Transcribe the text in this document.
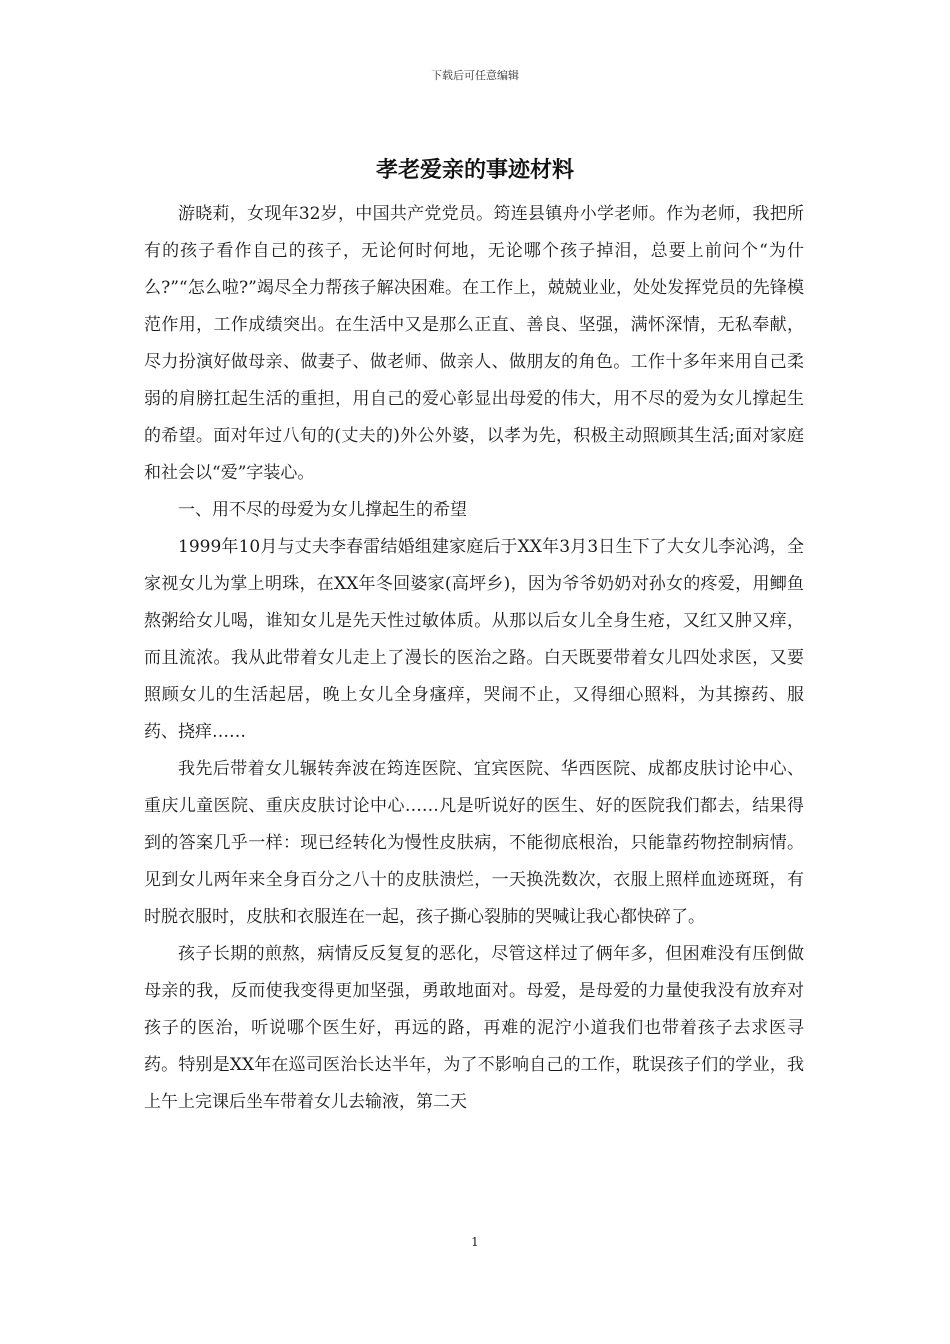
下载后可任意编辑
孝老爱亲的事迹材料

游晓莉，女现年32岁，中国共产党党员。筠连县镇舟小学老师。作为老师，我把所有的孩子看作自己的孩子，无论何时何地，无论哪个孩子掉泪，总要上前问个“为什么?”“怎么啦?”竭尽全力帮孩子解决困难。在工作上，兢兢业业，处处发挥党员的先锋模范作用，工作成绩突出。在生活中又是那么正直、善良、坚强，满怀深情，无私奉献，尽力扮演好做母亲、做妻子、做老师、做亲人、做朋友的角色。工作十多年来用自己柔弱的肩膀扛起生活的重担，用自己的爱心彰显出母爱的伟大，用不尽的爱为女儿撑起生的希望。面对年过八旬的(丈夫的)外公外婆，以孝为先，积极主动照顾其生活;面对家庭和社会以“爱”字装心。

一、用不尽的母爱为女儿撑起生的希望

1999年10月与丈夫李春雷结婚组建家庭后于XX年3月3日生下了大女儿李沁鸿，全家视女儿为掌上明珠，在XX年冬回婆家(高坪乡)，因为爷爷奶奶对孙女的疼爱，用鲫鱼熬粥给女儿喝，谁知女儿是先天性过敏体质。从那以后女儿全身生疮，又红又肿又痒，而且流浓。我从此带着女儿走上了漫长的医治之路。白天既要带着女儿四处求医，又要照顾女儿的生活起居，晚上女儿全身瘙痒，哭闹不止，又得细心照料，为其擦药、服药、挠痒……

我先后带着女儿辗转奔波在筠连医院、宜宾医院、华西医院、成都皮肤讨论中心、重庆儿童医院、重庆皮肤讨论中心……凡是听说好的医生、好的医院我们都去，结果得到的答案几乎一样：现已经转化为慢性皮肤病，不能彻底根治，只能靠药物控制病情。见到女儿两年来全身百分之八十的皮肤溃烂，一天换洗数次，衣服上照样血迹斑斑，有时脱衣服时，皮肤和衣服连在一起，孩子撕心裂肺的哭喊让我心都快碎了。

孩子长期的煎熬，病情反反复复的恶化，尽管这样过了俩年多，但困难没有压倒做母亲的我，反而使我变得更加坚强，勇敢地面对。母爱，是母爱的力量使我没有放弃对孩子的医治，听说哪个医生好，再远的路，再难的泥泞小道我们也带着孩子去求医寻药。特别是XX年在巡司医治长达半年，为了不影响自己的工作，耽误孩子们的学业，我上午上完课后坐车带着女儿去输液，第二天

1
